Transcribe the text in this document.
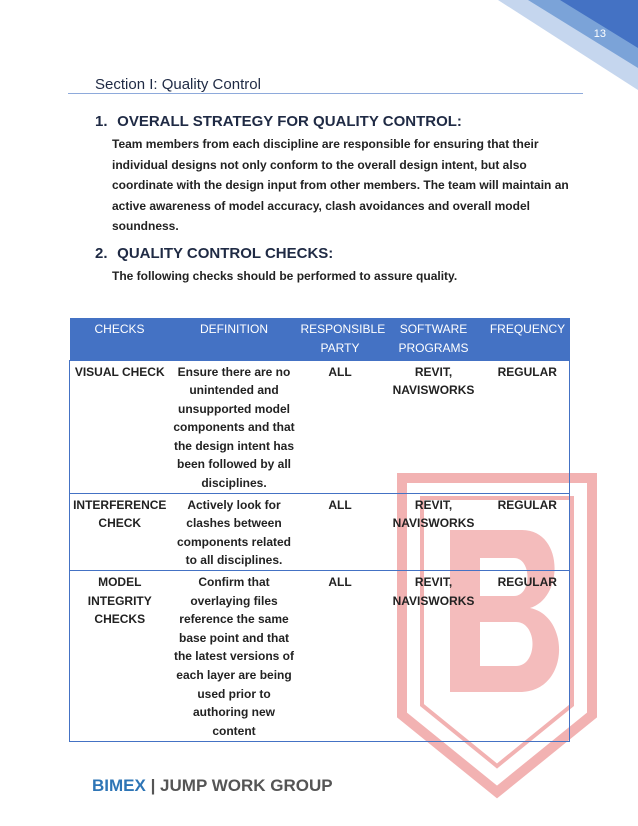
13
Section I: Quality Control
1. OVERALL STRATEGY FOR QUALITY CONTROL:
Team members from each discipline are responsible for ensuring that their individual designs not only conform to the overall design intent, but also coordinate with the design input from other members. The team will maintain an active awareness of model accuracy, clash avoidances and overall model soundness.
2. QUALITY CONTROL CHECKS:
The following checks should be performed to assure quality.
CHECKS	DEFINITION	RESPONSIBLE PARTY	SOFTWARE PROGRAMS	FREQUENCY
VISUAL CHECK	Ensure there are no unintended and unsupported model components and that the design intent has been followed by all disciplines.	ALL	REVIT, NAVISWORKS	REGULAR
INTERFERENCE CHECK	Actively look for clashes between components related to all disciplines.	ALL	REVIT, NAVISWORKS	REGULAR
MODEL INTEGRITY CHECKS	Confirm that overlaying files reference the same base point and that the latest versions of each layer are being used prior to authoring new content	ALL	REVIT, NAVISWORKS	REGULAR
BIMEX | JUMP WORK GROUP
